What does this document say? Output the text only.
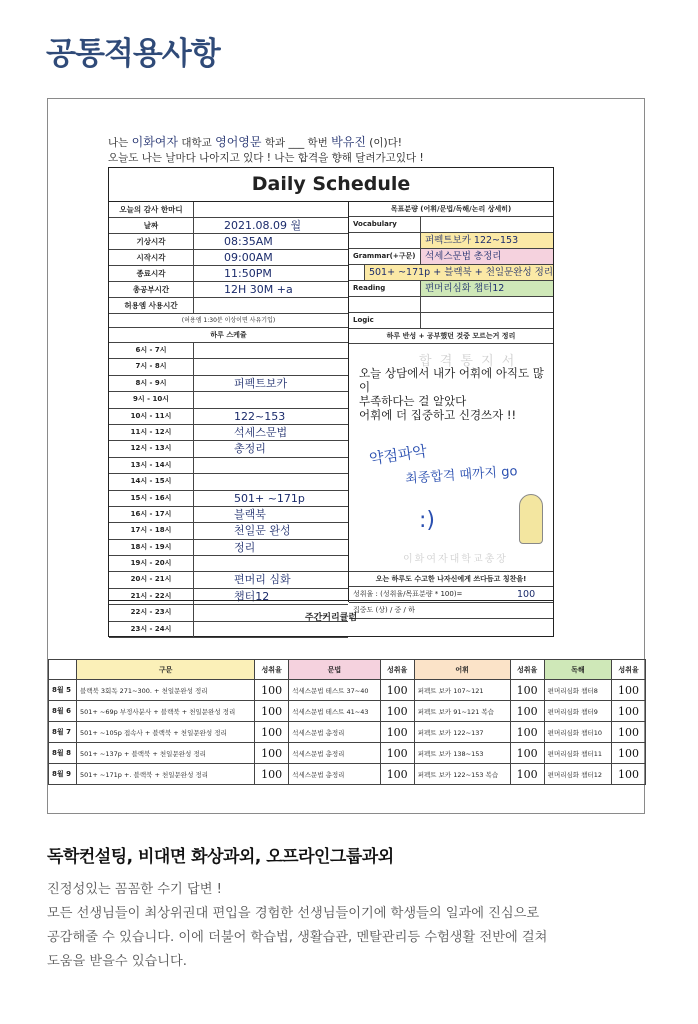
공통적용사항
나는 이화여자 대학교 영어영문 학과 ___ 학번 박유진 (이)다!
오늘도 나는 날마다 나아지고 있다 ! 나는 합격을 향해 달려가고있다 !
Daily Schedule
오늘의 감사 한마디
날짜	2021.08.09 월
기상시각	08:35AM
시작시각	09:00AM
종료시각	11:50PM
총공부시간	12H 30M +a
허용엠 사용시간
(허용엠 1:30분 이상이면 사유기입)
하루 스케쥴
6시 - 7시
7시 - 8시
8시 - 9시	퍼펙트보카
9시 - 10시
10시 - 11시	122~153
11시 - 12시	석세스문법
12시 - 13시	총정리
13시 - 14시
14시 - 15시
15시 - 16시	501+ ~171p
16시 - 17시	블랙북
17시 - 18시	천일문 완성
18시 - 19시	정리
19시 - 20시
20시 - 21시	편머리 심화
21시 - 22시	챕터12
22시 - 23시
23시 - 24시
목표분량 (어휘/문법/독해/논리 상세히)
Vocabulary
퍼펙트보카 122~153
Grammar(+구문)	석세스문법 총정리
501+ ~171p + 블랙북 + 천일문완성 정리
Reading	편머리심화 챕터12
Logic
하루 반성 + 공부했던 것중 모르는거 정리
합 격 통 지 서
오늘 상담에서 내가 어휘에 아직도 많이
부족하다는 걸 알았다
어휘에 더 집중하고 신경쓰자 !!
약점파악
최종합격 때까지 go
:)
이화여자대학교총장
오는 하루도 수고한 나자신에게 쓰다듬고 칭찬을!
성취율 : (성취율/목표분량 * 100)=	100
집중도 (상) / 중 / 하
주간커리큘럼
	구문	성취율	문법	성취율	어휘	성취율	독해	성취율
8월 5	블랙북 3회독 271~300. + 천일문완성 정리	100	석세스문법 테스트 37~40	100	퍼펙트 보카 107~121	100	편머리심화 챕터8	100
8월 6	501+ ~69p 부정사분사 + 블랙북 + 천일문완성 정리	100	석세스문법 테스트 41~43	100	퍼펙트 보카 91~121 복습	100	편머리심화 챕터9	100
8월 7	501+ ~105p 접속사 + 블랙북 + 천일문완성 정리	100	석세스문법 총정리	100	퍼펙트 보카 122~137	100	편머리심화 챕터10	100
8월 8	501+ ~137p + 블랙북 + 천일문완성 정리	100	석세스문법 총정리	100	퍼펙트 보카 138~153	100	편머리심화 챕터11	100
8월 9	501+ ~171p +. 블랙북 + 천일문완성 정리	100	석세스문법 총정리	100	퍼펙트 보카 122~153 복습	100	편머리심화 챕터12	100
독학컨설팅, 비대면 화상과외, 오프라인그룹과외
진정성있는 꼼꼼한 수기 답변 !
모든 선생님들이 최상위권대 편입을 경험한 선생님들이기에 학생들의 일과에 진심으로
공감해줄 수 있습니다. 이에 더불어 학습법, 생활습관, 멘탈관리등 수험생활 전반에 걸쳐
도움을 받을수 있습니다.
